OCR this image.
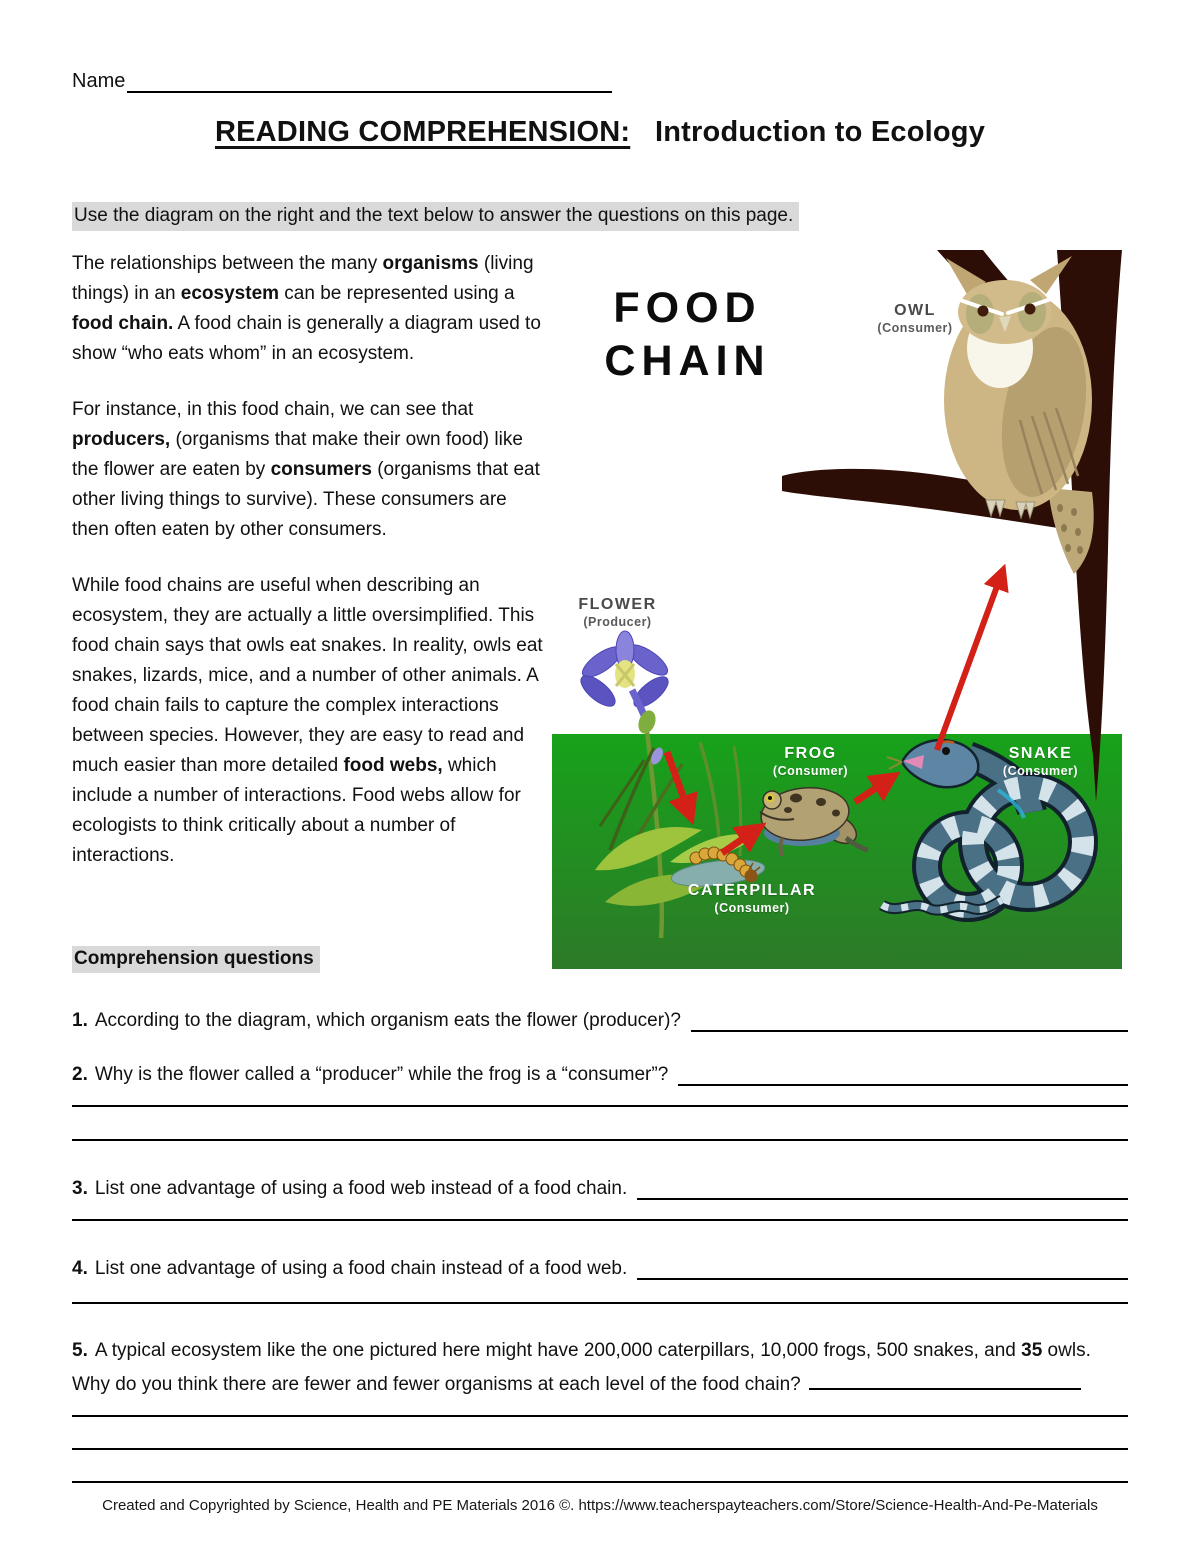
Name
READING COMPREHENSION: Introduction to Ecology
Use the diagram on the right and the text below to answer the questions on this page.

The relationships between the many organisms (living things) in an ecosystem can be represented using a food chain. A food chain is generally a diagram used to show “who eats whom” in an ecosystem.

For instance, in this food chain, we can see that producers, (organisms that make their own food) like the flower are eaten by consumers (organisms that eat other living things to survive). These consumers are then often eaten by other consumers.

While food chains are useful when describing an ecosystem, they are actually a little oversimplified. This food chain says that owls eat snakes. In reality, owls eat snakes, lizards, mice, and a number of other animals. A food chain fails to capture the complex interactions between species. However, they are easy to read and much easier than more detailed food webs, which include a number of interactions. Food webs allow for ecologists to think critically about a number of interactions.

FOOD
CHAIN
OWL
(Consumer)
FLOWER
(Producer)
FROG
(Consumer)
SNAKE
(Consumer)
CATERPILLAR
(Consumer)
Comprehension questions
1. According to the diagram, which organism eats the flower (producer)?
2. Why is the flower called a “producer” while the frog is a “consumer”?
3. List one advantage of using a food web instead of a food chain.
4. List one advantage of using a food chain instead of a food web.
5. A typical ecosystem like the one pictured here might have 200,000 caterpillars, 10,000 frogs, 500 snakes, and 35 owls. Why do you think there are fewer and fewer organisms at each level of the food chain?
Created and Copyrighted by Science, Health and PE Materials 2016 ©. https://www.teacherspayteachers.com/Store/Science-Health-And-Pe-Materials
